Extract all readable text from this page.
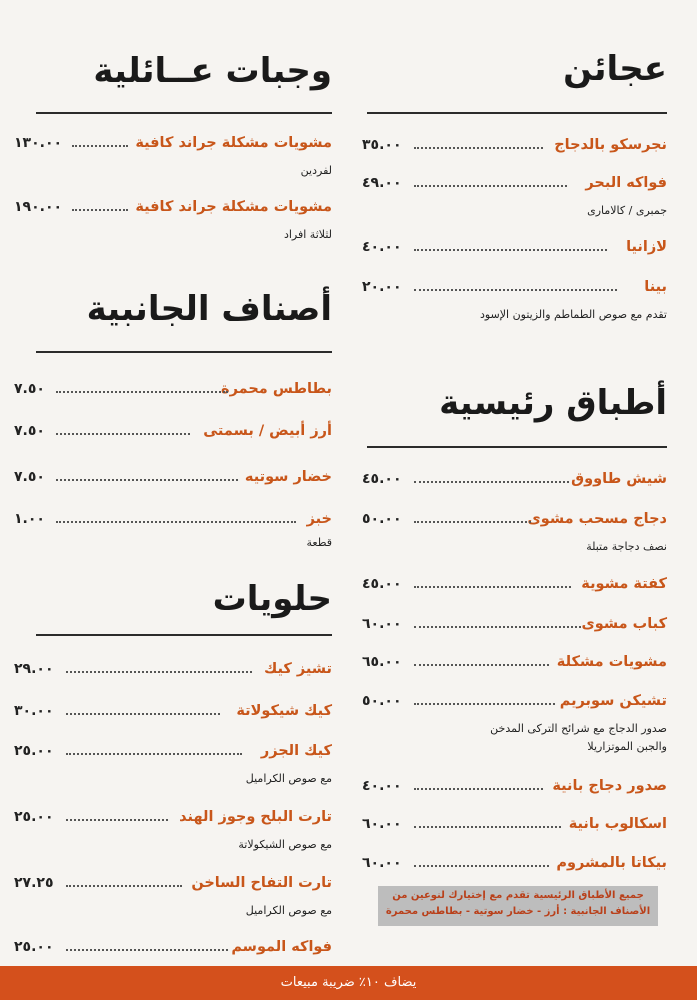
عجائن
نجرسكو بالدجاج
٣٥.٠٠
فواكه البحر
٤٩.٠٠
جمبرى / كالامارى
لازانيا
٤٠.٠٠
بينا
٢٠.٠٠
تقدم مع صوص الطماطم والزيتون الإسود
أطباق رئيسية
شيش طاووق
٤٥.٠٠
دجاج مسحب مشوى
٥٠.٠٠
نصف دجاجة متبلة
كفتة مشوية
٤٥.٠٠
كباب مشوى
٦٠.٠٠
مشويات مشكلة
٦٥.٠٠
تشيكن سوبريم
٥٠.٠٠
صدور الدجاج مع شرائح التركى المدخن
والجبن الموتزاريلا
صدور دجاج بانية
٤٠.٠٠
اسكالوب بانية
٦٠.٠٠
بيكاتا بالمشروم
٦٠.٠٠
جميع الأطباق الرئيسية تقدم مع إختيارك لنوعين من
الأصناف الجانبية : أرز - خضار سوتية - بطاطس محمرة
وجبات عــائلية
مشويات مشكلة جراند كافية
١٣٠.٠٠
لفردين
مشويات مشكلة جراند كافية
١٩٠.٠٠
لثلاثة افراد
أصناف الجانبية
بطاطس محمرة
٧.٥٠
أرز أبيض / بسمتى
٧.٥٠
خضار سوتيه
٧.٥٠
خبز
١.٠٠
قطعة
حلويات
تشيز كيك
٢٩.٠٠
كيك شيكولاتة
٣٠.٠٠
كيك الجزر
٢٥.٠٠
مع صوص الكراميل
تارت البلح وجوز الهند
٢٥.٠٠
مع صوص الشيكولاتة
تارت التفاح الساخن
٢٧.٢٥
مع صوص الكراميل
فواكه الموسم
٢٥.٠٠
يضاف ١٠٪ ضريبة مبيعات
